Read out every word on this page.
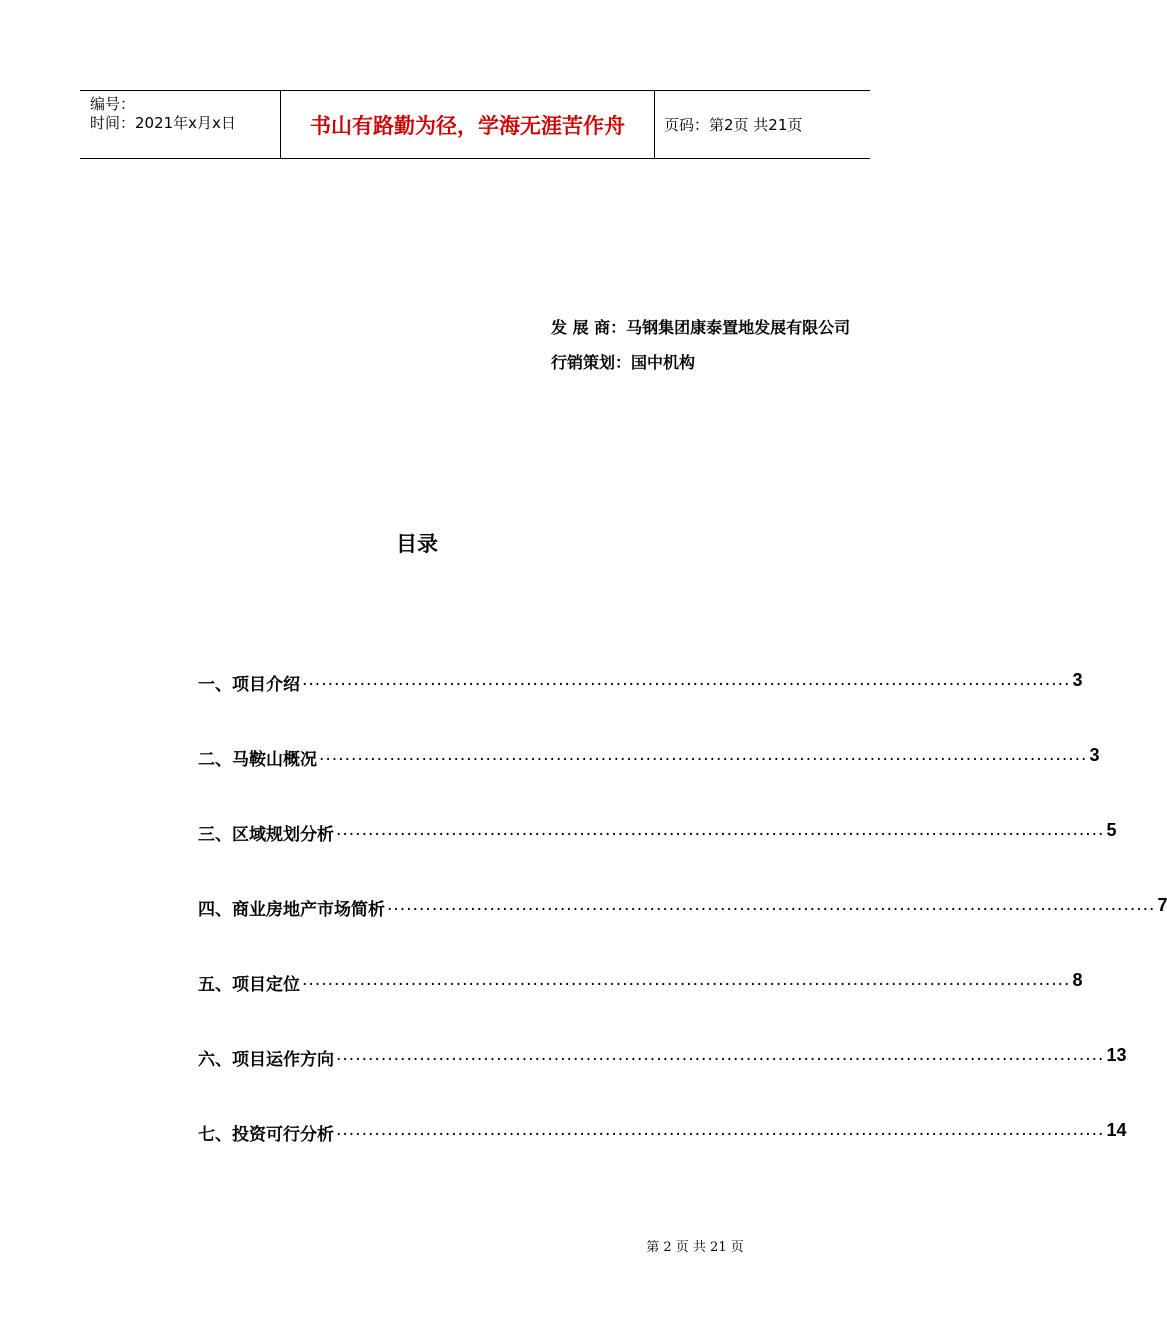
编号：
时间：2021年x月x日	书山有路勤为径，学海无涯苦作舟	页码：第2页 共21页
发 展 商：马钢集团康泰置地发展有限公司
行销策划：国中机构
目录
一、项目介绍 ........................................................................................................................ 3
二、马鞍山概况 ........................................................................................................................ 3
三、区域规划分析 ........................................................................................................................ 5
四、商业房地产市场简析 ........................................................................................................................ 7
五、项目定位 ........................................................................................................................ 8
六、项目运作方向 ........................................................................................................................ 13
七、投资可行分析 ........................................................................................................................ 14
第 2 页 共 21 页
